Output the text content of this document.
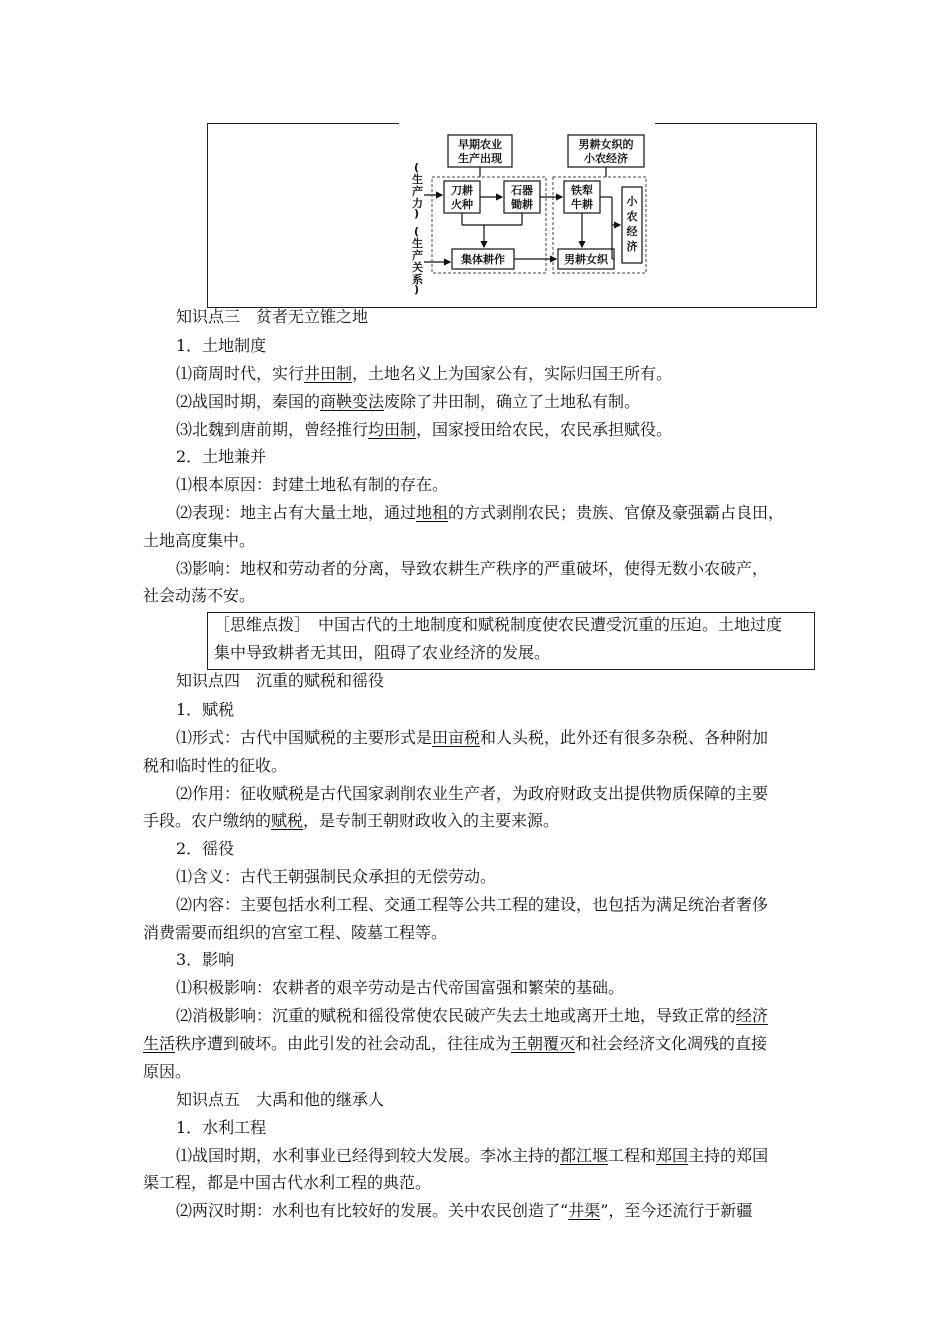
(
生
产
力
)
(
生
产
关
系
)
早期农业
生产出现
男耕女织的
小农经济
刀耕
火种
石器
锄耕
集体耕作
铁犁
牛耕
男耕女织
小
农
经
济
知识点三　贫者无立锥之地
1．土地制度
⑴商周时代，实行井田制，土地名义上为国家公有，实际归国王所有。
⑵战国时期，秦国的商鞅变法废除了井田制，确立了土地私有制。
⑶北魏到唐前期，曾经推行均田制，国家授田给农民，农民承担赋役。
2．土地兼并
⑴根本原因：封建土地私有制的存在。
⑵表现：地主占有大量土地，通过地租的方式剥削农民；贵族、官僚及豪强霸占良田，
土地高度集中。
⑶影响：地权和劳动者的分离，导致农耕生产秩序的严重破坏，使得无数小农破产，
社会动荡不安。
［思维点拨］　中国古代的土地制度和赋税制度使农民遭受沉重的压迫。土地过度
集中导致耕者无其田，阻碍了农业经济的发展。
知识点四　沉重的赋税和徭役
1．赋税
⑴形式：古代中国赋税的主要形式是田亩税和人头税，此外还有很多杂税、各种附加
税和临时性的征收。
⑵作用：征收赋税是古代国家剥削农业生产者，为政府财政支出提供物质保障的主要
手段。农户缴纳的赋税，是专制王朝财政收入的主要来源。
2．徭役
⑴含义：古代王朝强制民众承担的无偿劳动。
⑵内容：主要包括水利工程、交通工程等公共工程的建设，也包括为满足统治者奢侈
消费需要而组织的宫室工程、陵墓工程等。
3．影响
⑴积极影响：农耕者的艰辛劳动是古代帝国富强和繁荣的基础。
⑵消极影响：沉重的赋税和徭役常使农民破产失去土地或离开土地，导致正常的经济
生活秩序遭到破坏。由此引发的社会动乱，往往成为王朝覆灭和社会经济文化凋残的直接
原因。
知识点五　大禹和他的继承人
1．水利工程
⑴战国时期，水利事业已经得到较大发展。李冰主持的都江堰工程和郑国主持的郑国
渠工程，都是中国古代水利工程的典范。
⑵两汉时期：水利也有比较好的发展。关中农民创造了“井渠”，至今还流行于新疆
